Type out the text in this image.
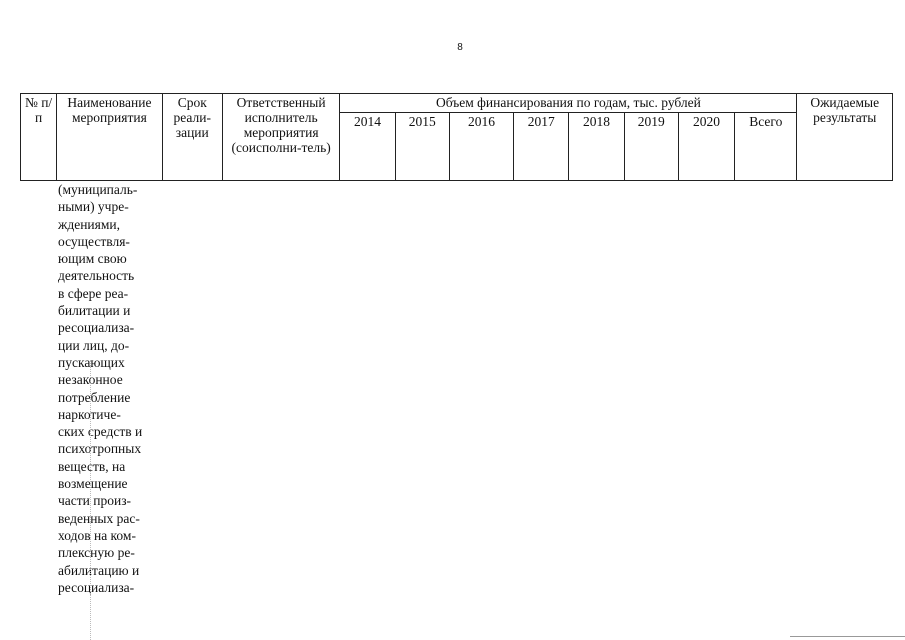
8
№ п/п	Наименование мероприятия	Срок реали-зации	Ответственный исполнитель мероприятия (соисполни-тель)	Объем финансирования по годам, тыс. рублей								Ожидаемые результаты
				2014	2015	2016	2017	2018	2019	2020	Всего	
(муниципаль-
ными) учре-
ждениями,
осуществля-
ющим свою
деятельность
в сфере реа-
билитации и
ресоциализа-
ции лиц, до-
пускающих
незаконное
потребление
наркотиче-
ских средств и
психотропных
веществ, на
возмещение
части произ-
веденных рас-
ходов на ком-
плексную ре-
абилитацию и
ресоциализа-
